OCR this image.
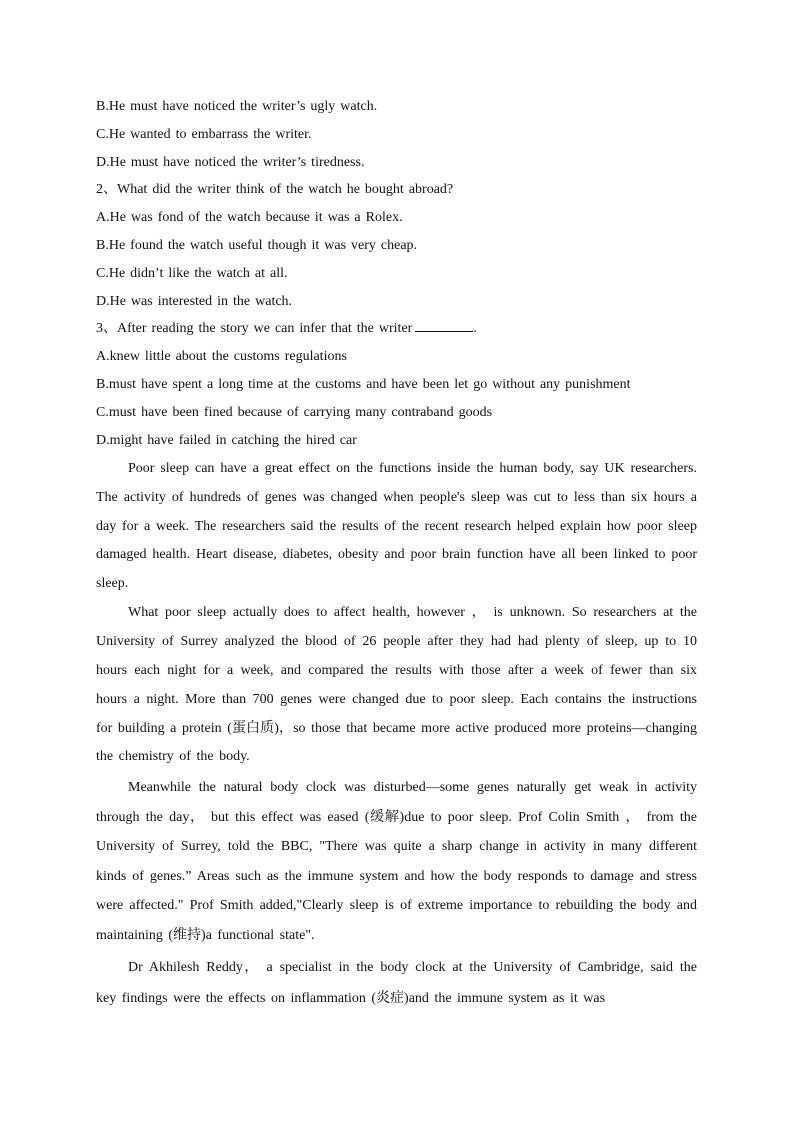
B.He must have noticed the writer’s ugly watch.
C.He wanted to embarrass the writer.
D.He must have noticed the writer’s tiredness.
2、What did the writer think of the watch he bought abroad?
A.He was fond of the watch because it was a Rolex.
B.He found the watch useful though it was very cheap.
C.He didn’t like the watch at all.
D.He was interested in the watch.
3、After reading the story we can infer that the writer	.
A.knew little about the customs regulations
B.must have spent a long time at the customs and have been let go without any punishment
C.must have been fined because of carrying many contraband goods
D.might have failed in catching the hired car

Poor sleep can have a great effect on the functions inside the human body, say UK researchers. The activity of hundreds of genes was changed when people's sleep was cut to less than six hours a day for a week. The researchers said the results of the recent research helped explain how poor sleep damaged health. Heart disease, diabetes, obesity and poor brain function have all been linked to poor sleep.

What poor sleep actually does to affect health, however ， is unknown. So researchers at the University of Surrey analyzed the blood of 26 people after they had had plenty of sleep, up to 10 hours each night for a week, and compared the results with those after a week of fewer than six hours a night. More than 700 genes were changed due to poor sleep. Each contains the instructions for building a protein (蛋白质)，so those that became more active produced more proteins—changing the chemistry of the body.

Meanwhile the natural body clock was disturbed—some genes naturally get weak in activity through the day， but this effect was eased (缓解)due to poor sleep. Prof Colin Smith ， from the University of Surrey, told the BBC, "There was quite a sharp change in activity in many different kinds of genes.” Areas such as the immune system and how the body responds to damage and stress were affected." Prof Smith added,"Clearly sleep is of extreme importance to rebuilding the body and maintaining (维持)a functional state".

Dr Akhilesh Reddy， a specialist in the body clock at the University of Cambridge, said the key findings were the effects on inflammation (炎症)and the immune system as it was
